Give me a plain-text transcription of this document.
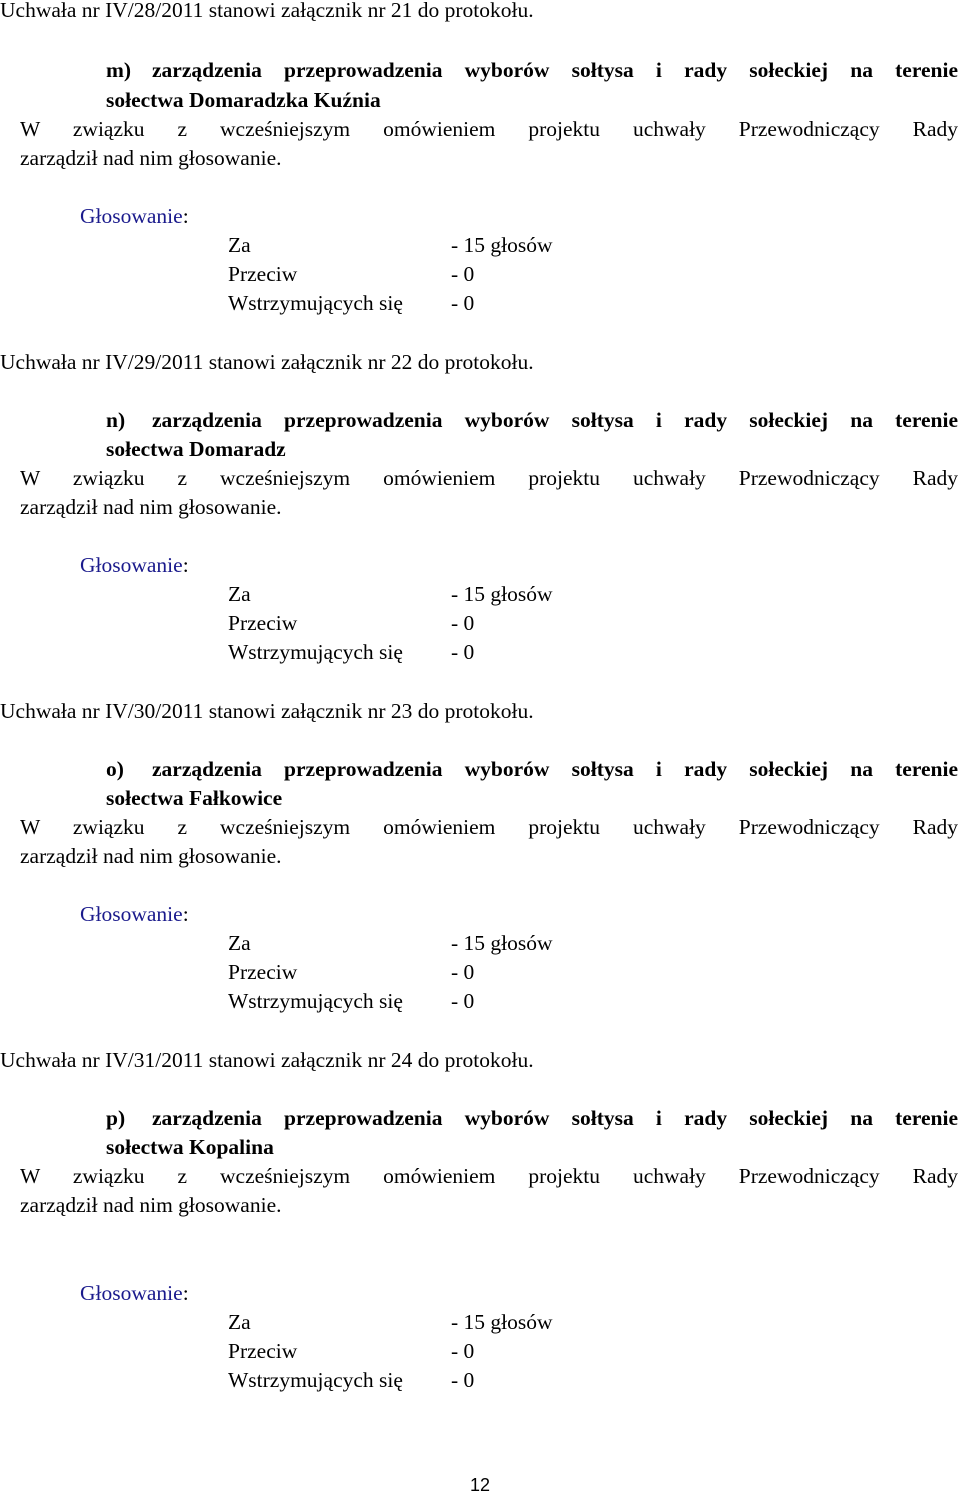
Uchwała nr IV/28/2011 stanowi załącznik nr 21 do protokołu.
m) zarządzenia przeprowadzenia wyborów sołtysa i rady sołeckiej na terenie
sołectwa Domaradzka Kuźnia
W związku z wcześniejszym omówieniem projektu uchwały Przewodniczący Rady
zarządził nad nim głosowanie.
Głosowanie:
Za	- 15 głosów
Przeciw	- 0
Wstrzymujących się - 0
Uchwała nr IV/29/2011 stanowi załącznik nr 22 do protokołu.
n) zarządzenia przeprowadzenia wyborów sołtysa i rady sołeckiej na terenie
sołectwa Domaradz
W związku z wcześniejszym omówieniem projektu uchwały Przewodniczący Rady
zarządził nad nim głosowanie.
Głosowanie:
Za	- 15 głosów
Przeciw	- 0
Wstrzymujących się - 0
Uchwała nr IV/30/2011 stanowi załącznik nr 23 do protokołu.
o) zarządzenia przeprowadzenia wyborów sołtysa i rady sołeckiej na terenie
sołectwa Fałkowice
W związku z wcześniejszym omówieniem projektu uchwały Przewodniczący Rady
zarządził nad nim głosowanie.
Głosowanie:
Za	- 15 głosów
Przeciw	- 0
Wstrzymujących się - 0
Uchwała nr IV/31/2011 stanowi załącznik nr 24 do protokołu.
p) zarządzenia przeprowadzenia wyborów sołtysa i rady sołeckiej na terenie
sołectwa Kopalina
W związku z wcześniejszym omówieniem projektu uchwały Przewodniczący Rady
zarządził nad nim głosowanie.
Głosowanie:
Za	- 15 głosów
Przeciw	- 0
Wstrzymujących się - 0
12
